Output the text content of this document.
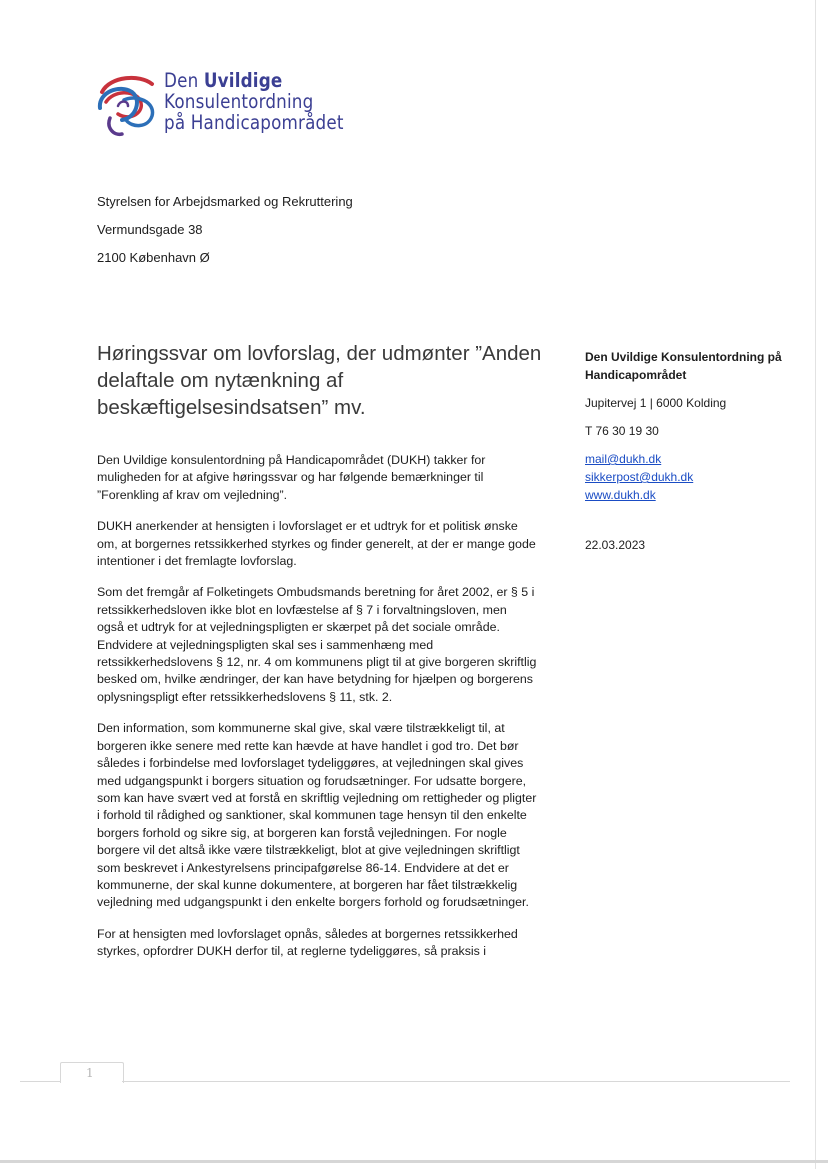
Den Uvildige
Konsulentordning
på Handicapområdet
Styrelsen for Arbejdsmarked og Rekruttering
Vermundsgade 38
2100 København Ø
Høringssvar om lovforslag, der udmønter ”Anden delaftale om nytænkning af beskæftigelsesindsatsen” mv.
Den Uvildige Konsulentordning på Handicapområdet
Jupitervej 1 | 6000 Kolding
T 76 30 19 30
mail@dukh.dk
sikkerpost@dukh.dk
www.dukh.dk
22.03.2023

Den Uvildige konsulentordning på Handicapområdet (DUKH) takker for muligheden for at afgive høringssvar og har følgende bemærkninger til ”Forenkling af krav om vejledning”.

DUKH anerkender at hensigten i lovforslaget er et udtryk for et politisk ønske om, at borgernes retssikkerhed styrkes og finder generelt, at der er mange gode intentioner i det fremlagte lovforslag.

Som det fremgår af Folketingets Ombudsmands beretning for året 2002, er § 5 i retssikkerhedsloven ikke blot en lovfæstelse af § 7 i forvaltningsloven, men også et udtryk for at vejledningspligten er skærpet på det sociale område. Endvidere at vejledningspligten skal ses i sammenhæng med retssikkerhedslovens § 12, nr. 4 om kommunens pligt til at give borgeren skriftlig besked om, hvilke ændringer, der kan have betydning for hjælpen og borgerens oplysningspligt efter retssikkerhedslovens § 11, stk. 2.

Den information, som kommunerne skal give, skal være tilstrækkeligt til, at borgeren ikke senere med rette kan hævde at have handlet i god tro. Det bør således i forbindelse med lovforslaget tydeliggøres, at vejledningen skal gives med udgangspunkt i borgers situation og forudsætninger. For udsatte borgere, som kan have svært ved at forstå en skriftlig vejledning om rettigheder og pligter i forhold til rådighed og sanktioner, skal kommunen tage hensyn til den enkelte borgers forhold og sikre sig, at borgeren kan forstå vejledningen. For nogle borgere vil det altså ikke være tilstrækkeligt, blot at give vejledningen skriftligt som beskrevet i Ankestyrelsens principafgørelse 86-14. Endvidere at det er kommunerne, der skal kunne dokumentere, at borgeren har fået tilstrækkelig vejledning med udgangspunkt i den enkelte borgers forhold og forudsætninger.

For at hensigten med lovforslaget opnås, således at borgernes retssikkerhed styrkes, opfordrer DUKH derfor til, at reglerne tydeliggøres, så praksis i

1
